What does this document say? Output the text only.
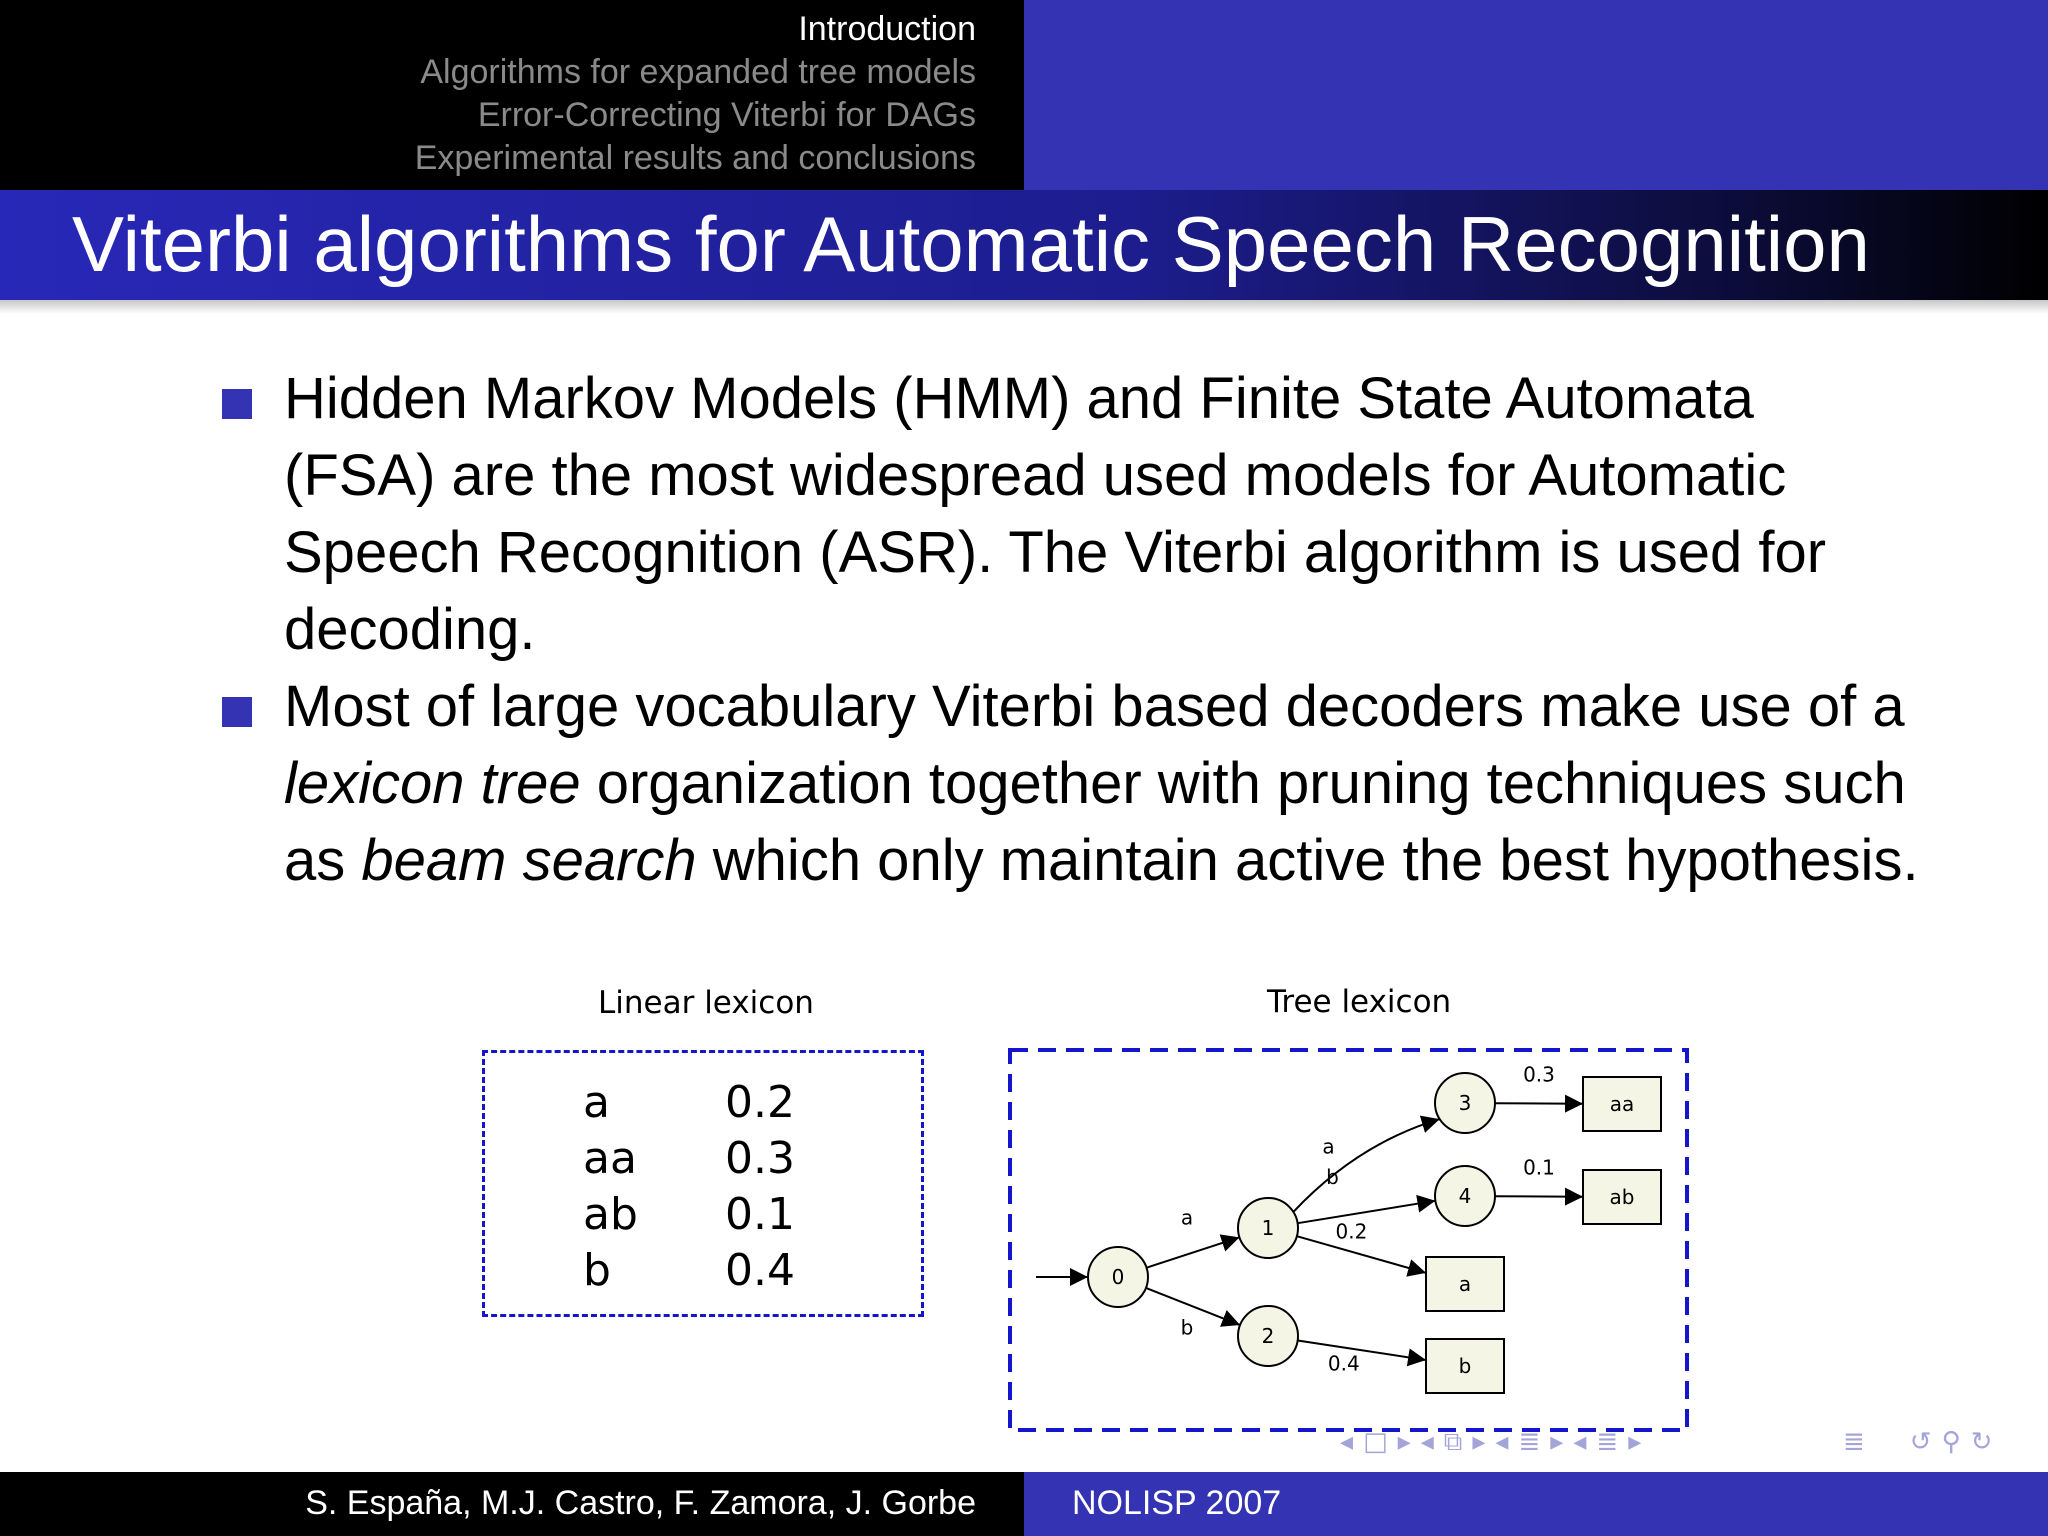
Introduction
Algorithms for expanded tree models
Error-Correcting Viterbi for DAGs
Experimental results and conclusions
Viterbi algorithms for Automatic Speech Recognition
Hidden Markov Models (HMM) and Finite State Automata (FSA) are the most widespread used models for Automatic Speech Recognition (ASR). The Viterbi algorithm is used for decoding.
Most of large vocabulary Viterbi based decoders make use of a lexicon tree organization together with pruning techniques such as beam search which only maintain active the best hypothesis.
Linear lexicon
a	0.2
aa	0.3
ab	0.1
b	0.4
Tree lexicon
a
b
a
b
0.2
0.4
0.3
0.1
0
1
2
3
4
aa
ab
a
b
S. España, M.J. Castro, F. Zamora, J. Gorbe	NOLISP 2007
◂ □ ▸ ◂ ⧉ ▸ ◂ ≣ ▸ ◂ ≣ ▸	≣ ↺ ⚲ ↻
